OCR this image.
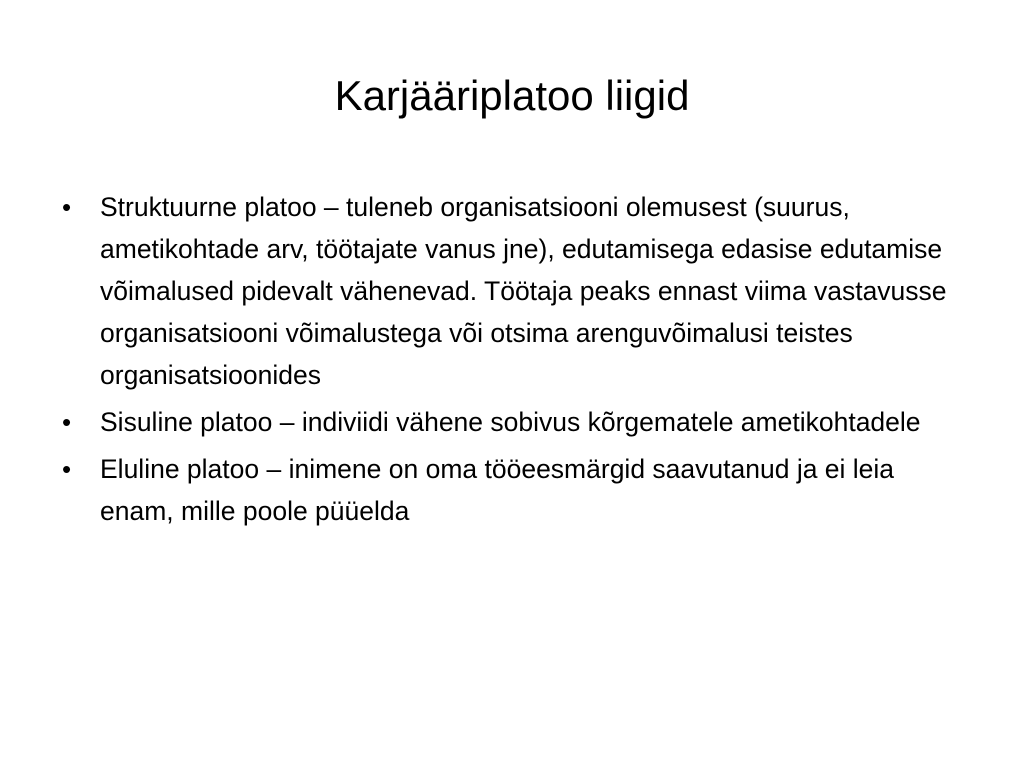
Karjääriplatoo liigid
• Struktuurne platoo – tuleneb organisatsiooni olemusest (suurus, ametikohtade arv, töötajate vanus jne), edutamisega edasise edutamise võimalused pidevalt vähenevad. Töötaja peaks ennast viima vastavusse organisatsiooni võimalustega või otsima arenguvõimalusi teistes organisatsioonides
• Sisuline platoo – indiviidi vähene sobivus kõrgematele ametikohtadele
• Eluline platoo – inimene on oma tööeesmärgid saavutanud ja ei leia enam, mille poole püüelda
